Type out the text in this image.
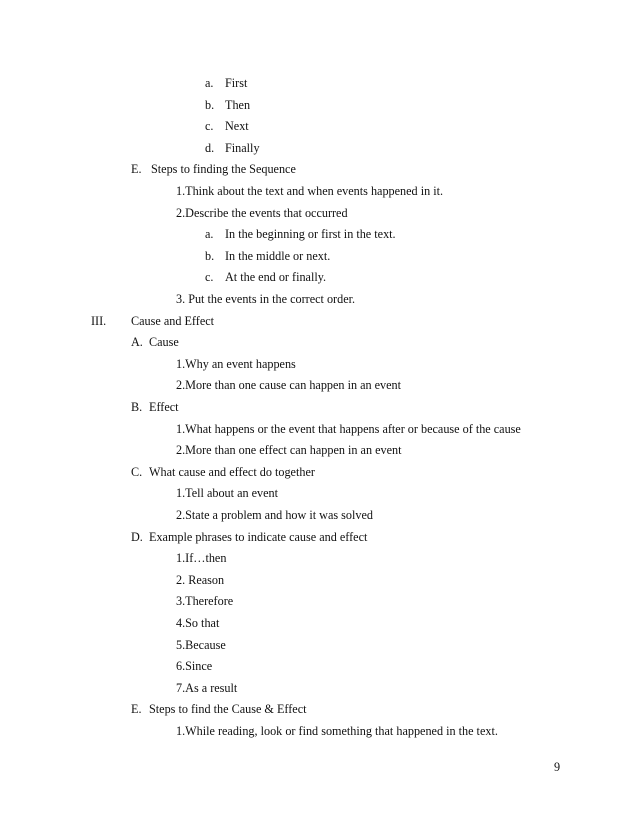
a. First
b. Then
c. Next
d. Finally
E. Steps to finding the Sequence
1.Think about the text and when events happened in it.
2.Describe the events that occurred
a. In the beginning or first in the text.
b. In the middle or next.
c. At the end or finally.
3. Put the events in the correct order.
III. Cause and Effect
A. Cause
1.Why an event happens
2.More than one cause can happen in an event
B. Effect
1.What happens or the event that happens after or because of the cause
2.More than one effect can happen in an event
C. What cause and effect do together
1.Tell about an event
2.State a problem and how it was solved
D. Example phrases to indicate cause and effect
1.If…then
2. Reason
3.Therefore
4.So that
5.Because
6.Since
7.As a result
E. Steps to find the Cause & Effect
1.While reading, look or find something that happened in the text.
9
